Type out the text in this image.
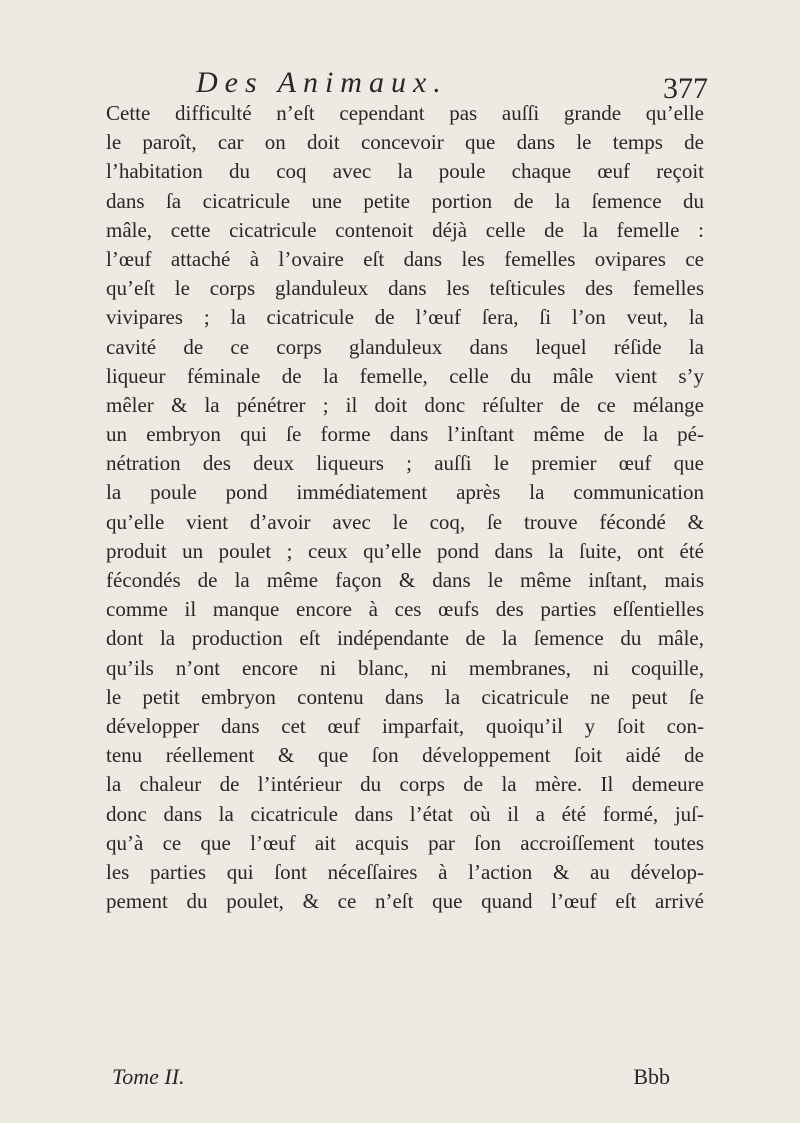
Des Animaux.	377
Cette difficulté n’eſt cependant pas auſſi grande qu’elle
le paroît, car on doit concevoir que dans le temps de
l’habitation du coq avec la poule chaque œuf reçoit
dans ſa cicatricule une petite portion de la ſemence du
mâle, cette cicatricule contenoit déjà celle de la femelle :
l’œuf attaché à l’ovaire eſt dans les femelles ovipares ce
qu’eſt le corps glanduleux dans les teſticules des femelles
vivipares ; la cicatricule de l’œuf ſera, ſi l’on veut, la
cavité de ce corps glanduleux dans lequel réſide la
liqueur féminale de la femelle, celle du mâle vient s’y
mêler & la pénétrer ; il doit donc réſulter de ce mélange
un embryon qui ſe forme dans l’inſtant même de la pé-
nétration des deux liqueurs ; auſſi le premier œuf que
la poule pond immédiatement après la communication
qu’elle vient d’avoir avec le coq, ſe trouve fécondé &
produit un poulet ; ceux qu’elle pond dans la ſuite, ont été
fécondés de la même façon & dans le même inſtant, mais
comme il manque encore à ces œufs des parties eſſentielles
dont la production eſt indépendante de la ſemence du mâle,
qu’ils n’ont encore ni blanc, ni membranes, ni coquille,
le petit embryon contenu dans la cicatricule ne peut ſe
développer dans cet œuf imparfait, quoiqu’il y ſoit con-
tenu réellement & que ſon développement ſoit aidé de
la chaleur de l’intérieur du corps de la mère. Il demeure
donc dans la cicatricule dans l’état où il a été formé, juſ-
qu’à ce que l’œuf ait acquis par ſon accroiſſement toutes
les parties qui ſont néceſſaires à l’action & au dévelop-
pement du poulet, & ce n’eſt que quand l’œuf eſt arrivé
Tome II.	Bbb
